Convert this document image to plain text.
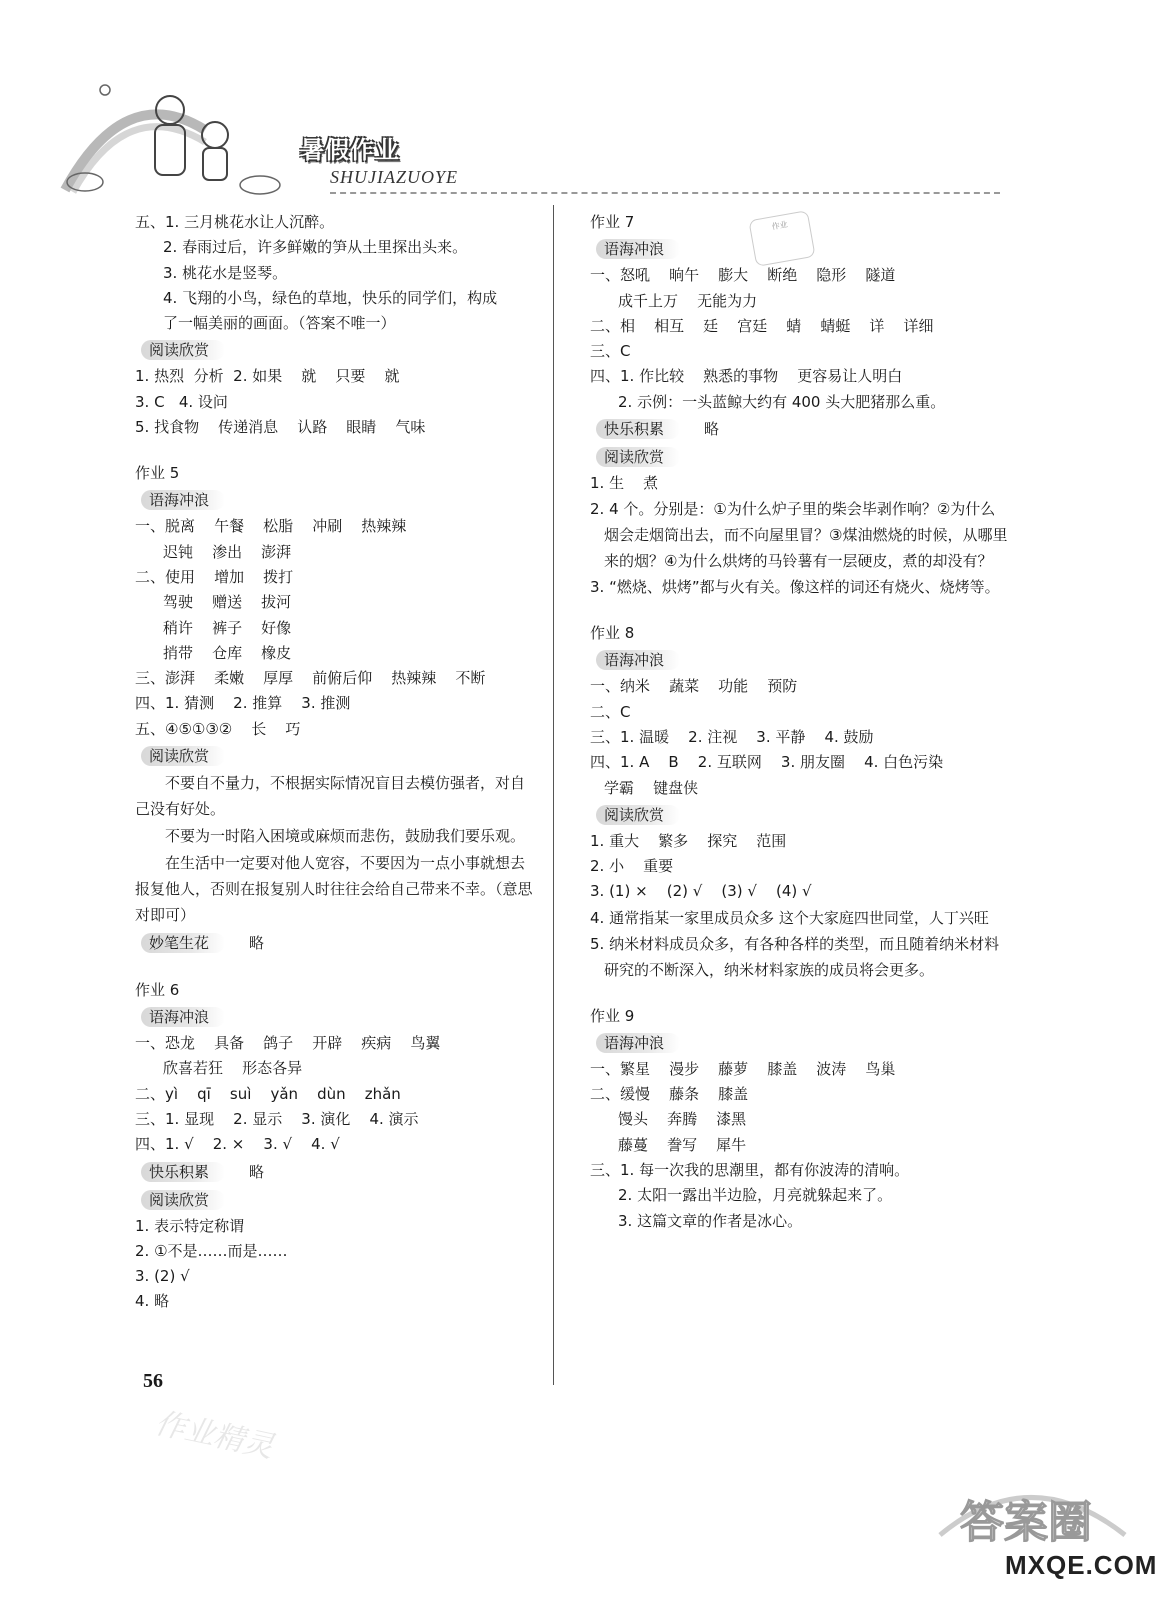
暑假作业
SHUJIAZUOYE
作业
五、1. 三月桃花水让人沉醉。
2. 春雨过后，许多鲜嫩的笋从土里探出头来。
3. 桃花水是竖琴。
4. 飞翔的小鸟，绿色的草地，快乐的同学们，构成
了一幅美丽的画面。（答案不唯一）
阅读欣赏
1. 热烈  分析  2. 如果    就    只要    就
3. C   4. 设问
5. 找食物    传递消息    认路    眼睛    气味
作业 5
语海冲浪
一、脱离    午餐    松脂    冲刷    热辣辣
迟钝    渗出    澎湃
二、使用    增加    拨打
驾驶    赠送    拔河
稍许    裤子    好像
捎带    仓库    橡皮
三、澎湃    柔嫩    厚厚    前俯后仰    热辣辣    不断
四、1. 猜测    2. 推算    3. 推测
五、④⑤①③②    长    巧
阅读欣赏

不要自不量力，不根据实际情况盲目去模仿强者，对自己没有好处。

不要为一时陷入困境或麻烦而悲伤，鼓励我们要乐观。

在生活中一定要对他人宽容，不要因为一点小事就想去报复他人，否则在报复别人时往往会给自己带来不幸。（意思对即可）

妙笔生花	略
作业 6
语海冲浪
一、恐龙    具备    鸽子    开辟    疾病    鸟翼
欣喜若狂    形态各异
二、yì    qī    suì    yǎn    dùn    zhǎn
三、1. 显现    2. 显示    3. 演化    4. 演示
四、1. √    2. ×    3. √    4. √
快乐积累	略
阅读欣赏
1. 表示特定称谓
2. ①不是……而是……
3. (2) √
4. 略
作业 7
语海冲浪
一、怒吼    晌午    膨大    断绝    隐形    隧道
成千上万    无能为力
二、相    相互    廷    宫廷    蜻    蜻蜓    详    详细
三、C
四、1. 作比较    熟悉的事物    更容易让人明白
2. 示例：一头蓝鲸大约有 400 头大肥猪那么重。
快乐积累	略
阅读欣赏
1. 生    煮

2. 4 个。分别是：①为什么炉子里的柴会毕剥作响？②为什么烟会走烟筒出去，而不向屋里冒？③煤油燃烧的时候，从哪里来的烟？④为什么烘烤的马铃薯有一层硬皮，煮的却没有？

3. “燃烧、烘烤”都与火有关。像这样的词还有烧火、烧烤等。

作业 8
语海冲浪
一、纳米    蔬菜    功能    预防
二、C
三、1. 温暖    2. 注视    3. 平静    4. 鼓励
四、1. A    B    2. 互联网    3. 朋友圈    4. 白色污染
学霸    键盘侠
阅读欣赏
1. 重大    繁多    探究    范围
2. 小    重要
3. (1) ×    (2) √    (3) √    (4) √

4. 通常指某一家里成员众多 这个大家庭四世同堂，人丁兴旺

5. 纳米材料成员众多，有各种各样的类型，而且随着纳米材料研究的不断深入，纳米材料家族的成员将会更多。

作业 9
语海冲浪
一、繁星    漫步    藤萝    膝盖    波涛    鸟巢
二、缓慢    藤条    膝盖
馒头    奔腾    漆黑
藤蔓    誊写    犀牛
三、1. 每一次我的思潮里，都有你波涛的清响。
2. 太阳一露出半边脸，月亮就躲起来了。
3. 这篇文章的作者是冰心。
56
作业精灵
答案圈
MXQE.COM
